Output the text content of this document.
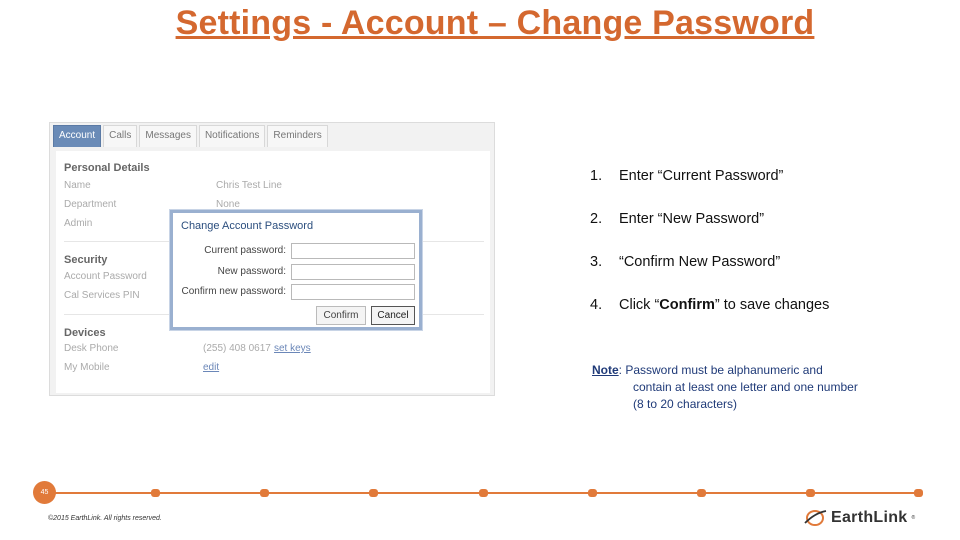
Settings - Account – Change Password
Account	Calls	Messages	Notifications	Reminders
Personal Details
Name	Chris Test Line
Department	None
Admin
Security
Account Password
Cal Services PIN
Devices
Desk Phone	(255) 408 0617 set keys
My Mobile	edit
Change Account Password
Current password:
New password:
Confirm new password:
Confirm	Cancel
1. Enter “Current Password”
2. Enter “New Password”
3. “Confirm New Password”
4. Click “Confirm” to save changes
Note: Password must be alphanumeric and
contain at least one letter and one number
(8 to 20 characters)
45
©2015 EarthLink. All rights reserved.	EarthLink ®
